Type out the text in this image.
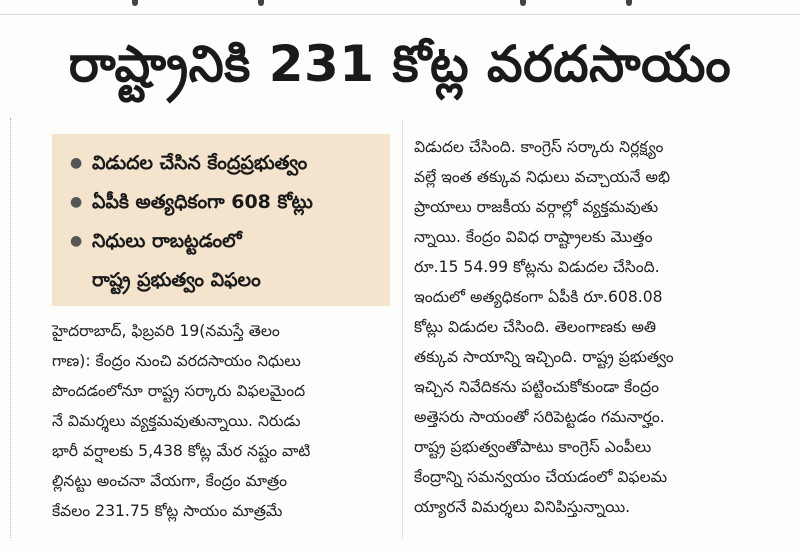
రాష్ట్రానికి 231 కోట్ల వరదసాయం
● విడుదల చేసిన కేంద్రప్రభుత్వం
● ఏపీకి అత్యధికంగా 608 కోట్లు
● నిధులు రాబట్టడంలో
రాష్ట్ర ప్రభుత్వం విఫలం
హైదరాబాద్, ఫిబ్రవరి 19(నమస్తే తెలం
గాణ): కేంద్రం నుంచి వరదసాయం నిధులు
పొందడంలోనూ రాష్ట్ర సర్కారు విఫలమైంద
నే విమర్శలు వ్యక్తమవుతున్నాయి. నిరుడు
భారీ వర్షాలకు 5,438 కోట్ల మేర నష్టం వాటి
ల్లినట్టు అంచనా వేయగా, కేంద్రం మాత్రం
కేవలం 231.75 కోట్ల సాయం మాత్రమే
విడుదల చేసింది. కాంగ్రెస్ సర్కారు నిర్లక్ష్యం
వల్లే ఇంత తక్కువ నిధులు వచ్చాయనే అభి
ప్రాయాలు రాజకీయ వర్గాల్లో వ్యక్తమవుతు
న్నాయి. కేంద్రం వివిధ రాష్ట్రాలకు మొత్తం
రూ.15 54.99 కోట్లను విడుదల చేసింది.
ఇందులో అత్యధికంగా ఏపీకి రూ.608.08
కోట్లు విడుదల చేసింది. తెలంగాణకు అతి
తక్కువ సాయాన్ని ఇచ్చింది. రాష్ట్ర ప్రభుత్వం
ఇచ్చిన నివేదికను పట్టించుకోకుండా కేంద్రం
అత్తెసరు సాయంతో సరిపెట్టడం గమనార్హం.
రాష్ట్ర ప్రభుత్వంతోపాటు కాంగ్రెస్ ఎంపీలు
కేంద్రాన్ని సమన్వయం చేయడంలో విఫలమ
య్యారనే విమర్శలు వినిపిస్తున్నాయి.
